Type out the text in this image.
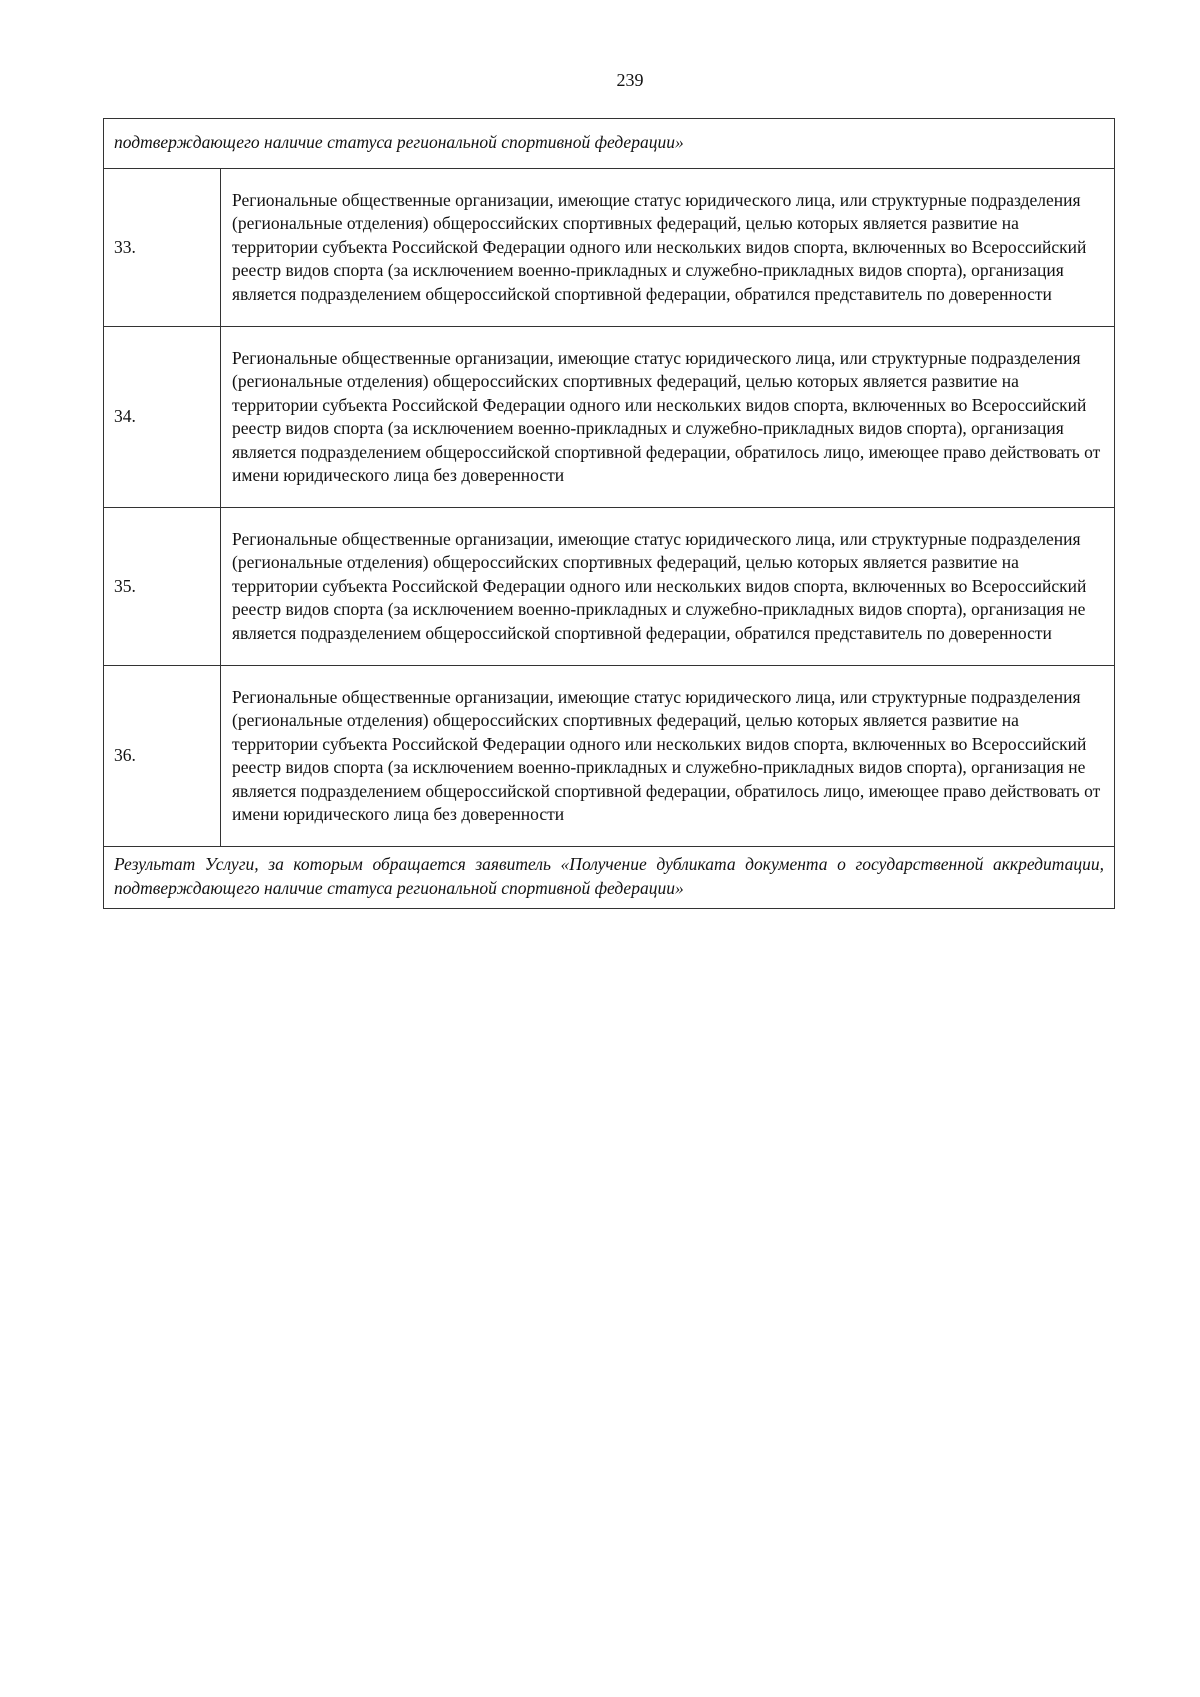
239
подтверждающего наличие статуса региональной спортивной федерации»	
33.	Региональные общественные организации, имеющие статус юридического лица, или структурные подразделения (региональные отделения) общероссийских спортивных федераций, целью которых является развитие на территории субъекта Российской Федерации одного или нескольких видов спорта, включенных во Всероссийский реестр видов спорта (за исключением военно-прикладных и служебно-прикладных видов спорта), организация является подразделением общероссийской спортивной федерации, обратился представитель по доверенности
34.	Региональные общественные организации, имеющие статус юридического лица, или структурные подразделения (региональные отделения) общероссийских спортивных федераций, целью которых является развитие на территории субъекта Российской Федерации одного или нескольких видов спорта, включенных во Всероссийский реестр видов спорта (за исключением военно-прикладных и служебно-прикладных видов спорта), организация является подразделением общероссийской спортивной федерации, обратилось лицо, имеющее право действовать от имени юридического лица без доверенности
35.	Региональные общественные организации, имеющие статус юридического лица, или структурные подразделения (региональные отделения) общероссийских спортивных федераций, целью которых является развитие на территории субъекта Российской Федерации одного или нескольких видов спорта, включенных во Всероссийский реестр видов спорта (за исключением военно-прикладных и служебно-прикладных видов спорта), организация не является подразделением общероссийской спортивной федерации, обратился представитель по доверенности
36.	Региональные общественные организации, имеющие статус юридического лица, или структурные подразделения (региональные отделения) общероссийских спортивных федераций, целью которых является развитие на территории субъекта Российской Федерации одного или нескольких видов спорта, включенных во Всероссийский реестр видов спорта (за исключением военно-прикладных и служебно-прикладных видов спорта), организация не является подразделением общероссийской спортивной федерации, обратилось лицо, имеющее право действовать от имени юридического лица без доверенности
Результат Услуги, за которым обращается заявитель «Получение дубликата документа о государственной аккредитации, подтверждающего наличие статуса региональной спортивной федерации»	
